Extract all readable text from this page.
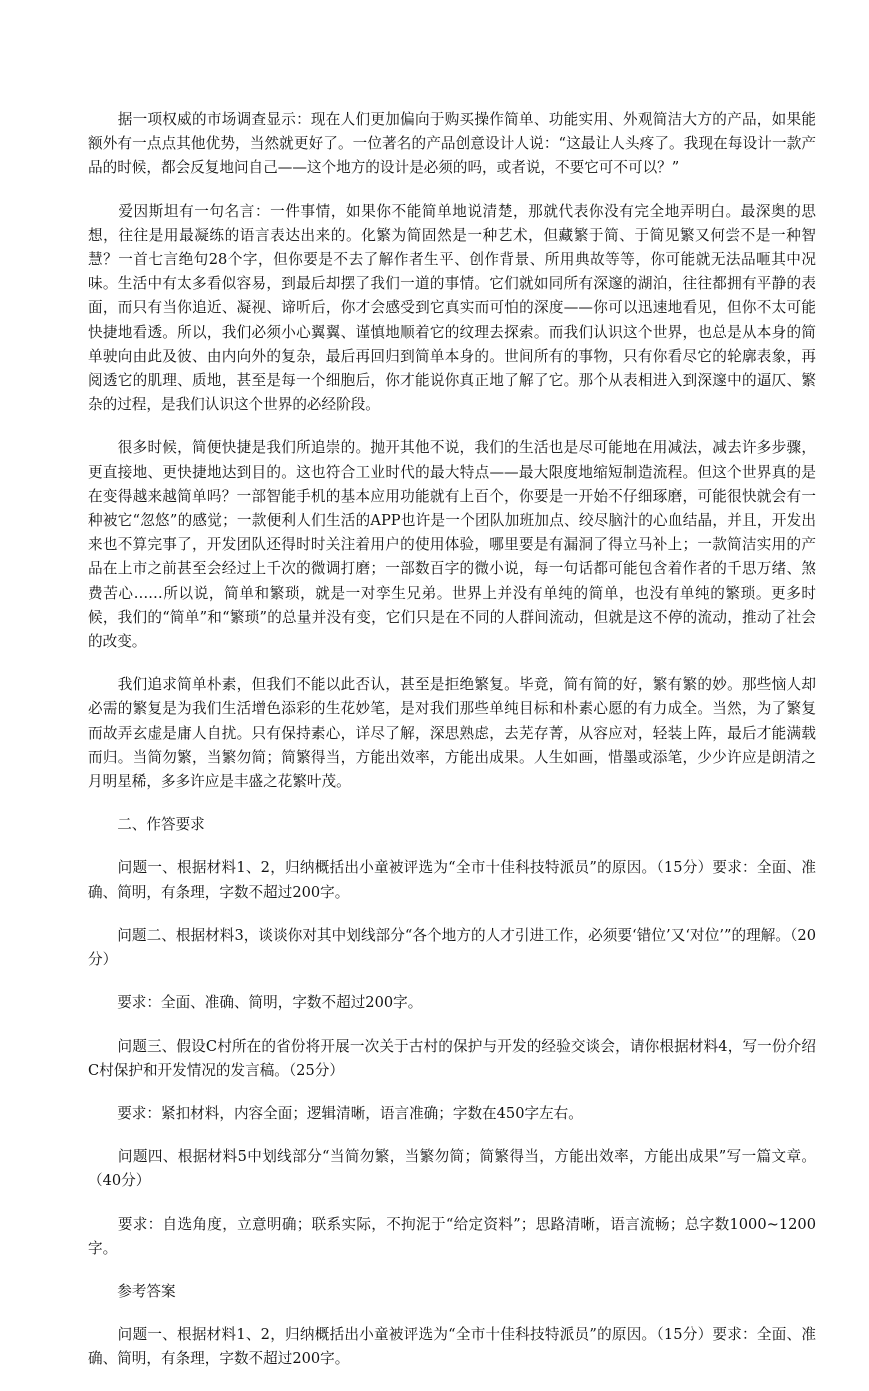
　　据一项权威的市场调查显示：现在人们更加偏向于购买操作简单、功能实用、外观简洁大方的产品，如果能额外有一点点其他优势，当然就更好了。一位著名的产品创意设计人说：“这最让人头疼了。我现在每设计一款产品的时候，都会反复地问自己——这个地方的设计是必须的吗，或者说，不要它可不可以？”

　　爱因斯坦有一句名言：一件事情，如果你不能简单地说清楚，那就代表你没有完全地弄明白。最深奥的思想，往往是用最凝练的语言表达出来的。化繁为简固然是一种艺术，但藏繁于简、于简见繁又何尝不是一种智慧？一首七言绝句28个字，但你要是不去了解作者生平、创作背景、所用典故等等，你可能就无法品咂其中况味。生活中有太多看似容易，到最后却摆了我们一道的事情。它们就如同所有深邃的湖泊，往往都拥有平静的表面，而只有当你追近、凝视、谛听后，你才会感受到它真实而可怕的深度——你可以迅速地看见，但你不太可能快捷地看透。所以，我们必须小心翼翼、谨慎地顺着它的纹理去探索。而我们认识这个世界，也总是从本身的简单驶向由此及彼、由内向外的复杂，最后再回归到简单本身的。世间所有的事物，只有你看尽它的轮廓表象，再阅透它的肌理、质地，甚至是每一个细胞后，你才能说你真正地了解了它。那个从表相进入到深邃中的逼仄、繁杂的过程，是我们认识这个世界的必经阶段。

　　很多时候，简便快捷是我们所追崇的。抛开其他不说，我们的生活也是尽可能地在用减法，减去许多步骤，更直接地、更快捷地达到目的。这也符合工业时代的最大特点——最大限度地缩短制造流程。但这个世界真的是在变得越来越简单吗？一部智能手机的基本应用功能就有上百个，你要是一开始不仔细琢磨，可能很快就会有一种被它“忽悠”的感觉；一款便利人们生活的APP也许是一个团队加班加点、绞尽脑汁的心血结晶，并且，开发出来也不算完事了，开发团队还得时时关注着用户的使用体验，哪里要是有漏洞了得立马补上；一款简洁实用的产品在上市之前甚至会经过上千次的微调打磨；一部数百字的微小说，每一句话都可能包含着作者的千思万绪、煞费苦心……所以说，简单和繁琐，就是一对孪生兄弟。世界上并没有单纯的简单，也没有单纯的繁琐。更多时候，我们的“简单”和“繁琐”的总量并没有变，它们只是在不同的人群间流动，但就是这不停的流动，推动了社会的改变。

　　我们追求简单朴素，但我们不能以此否认，甚至是拒绝繁复。毕竟，简有简的好，繁有繁的妙。那些恼人却必需的繁复是为我们生活增色添彩的生花妙笔，是对我们那些单纯目标和朴素心愿的有力成全。当然，为了繁复而故弄玄虚是庸人自扰。只有保持素心，详尽了解，深思熟虑，去芜存菁，从容应对，轻装上阵，最后才能满载而归。当简勿繁，当繁勿简；简繁得当，方能出效率，方能出成果。人生如画，惜墨或添笔，少少许应是朗清之月明星稀，多多许应是丰盛之花繁叶茂。

　　二、作答要求

　　问题一、根据材料1、2，归纳概括出小童被评选为“全市十佳科技特派员”的原因。（15分）要求：全面、准确、简明，有条理，字数不超过200字。

　　问题二、根据材料3，谈谈你对其中划线部分“各个地方的人才引进工作，必须要‘错位’又‘对位’”的理解。（20分）

　　要求：全面、准确、简明，字数不超过200字。

　　问题三、假设C村所在的省份将开展一次关于古村的保护与开发的经验交谈会，请你根据材料4，写一份介绍C村保护和开发情况的发言稿。（25分）

　　要求：紧扣材料，内容全面；逻辑清晰，语言准确；字数在450字左右。

　　问题四、根据材料5中划线部分“当简勿繁，当繁勿简；简繁得当，方能出效率，方能出成果”写一篇文章。（40分）

　　要求：自选角度，立意明确；联系实际，不拘泥于“给定资料”；思路清晰，语言流畅；总字数1000~1200字。

　　参考答案

　　问题一、根据材料1、2，归纳概括出小童被评选为“全市十佳科技特派员”的原因。（15分）要求：全面、准确、简明，有条理，字数不超过200字。
